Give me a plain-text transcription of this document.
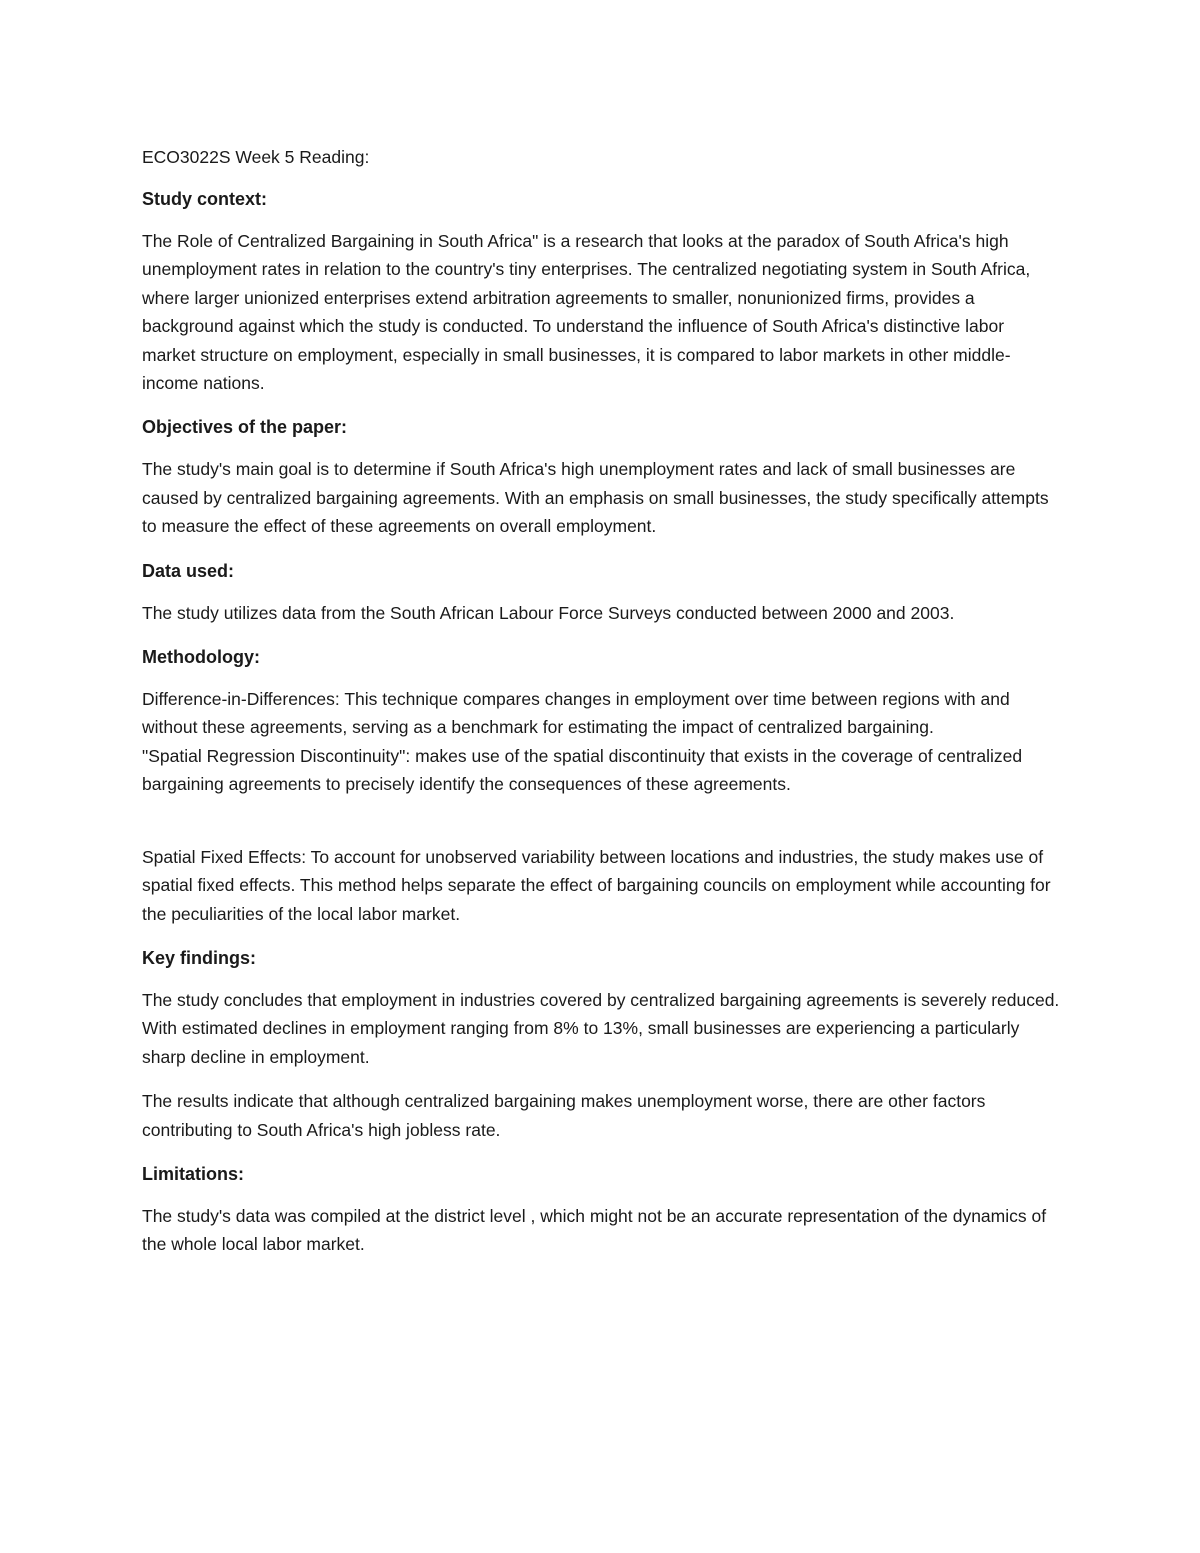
ECO3022S Week 5 Reading:

Study context:

The Role of Centralized Bargaining in South Africa" is a research that looks at the paradox of South Africa's high unemployment rates in relation to the country's tiny enterprises. The centralized negotiating system in South Africa, where larger unionized enterprises extend arbitration agreements to smaller, nonunionized firms, provides a background against which the study is conducted. To understand the influence of South Africa's distinctive labor market structure on employment, especially in small businesses, it is compared to labor markets in other middle-income nations.

Objectives of the paper:

The study's main goal is to determine if South Africa's high unemployment rates and lack of small businesses are caused by centralized bargaining agreements. With an emphasis on small businesses, the study specifically attempts to measure the effect of these agreements on overall employment.

Data used:

The study utilizes data from the South African Labour Force Surveys conducted between 2000 and 2003.

Methodology:

Difference-in-Differences: This technique compares changes in employment over time between regions with and without these agreements, serving as a benchmark for estimating the impact of centralized bargaining.

"Spatial Regression Discontinuity": makes use of the spatial discontinuity that exists in the coverage of centralized bargaining agreements to precisely identify the consequences of these agreements.

Spatial Fixed Effects: To account for unobserved variability between locations and industries, the study makes use of spatial fixed effects. This method helps separate the effect of bargaining councils on employment while accounting for the peculiarities of the local labor market.

Key findings:

The study concludes that employment in industries covered by centralized bargaining agreements is severely reduced. With estimated declines in employment ranging from 8% to 13%, small businesses are experiencing a particularly sharp decline in employment.

The results indicate that although centralized bargaining makes unemployment worse, there are other factors contributing to South Africa's high jobless rate.

Limitations:

The study's data was compiled at the district level , which might not be an accurate representation of the dynamics of the whole local labor market.
